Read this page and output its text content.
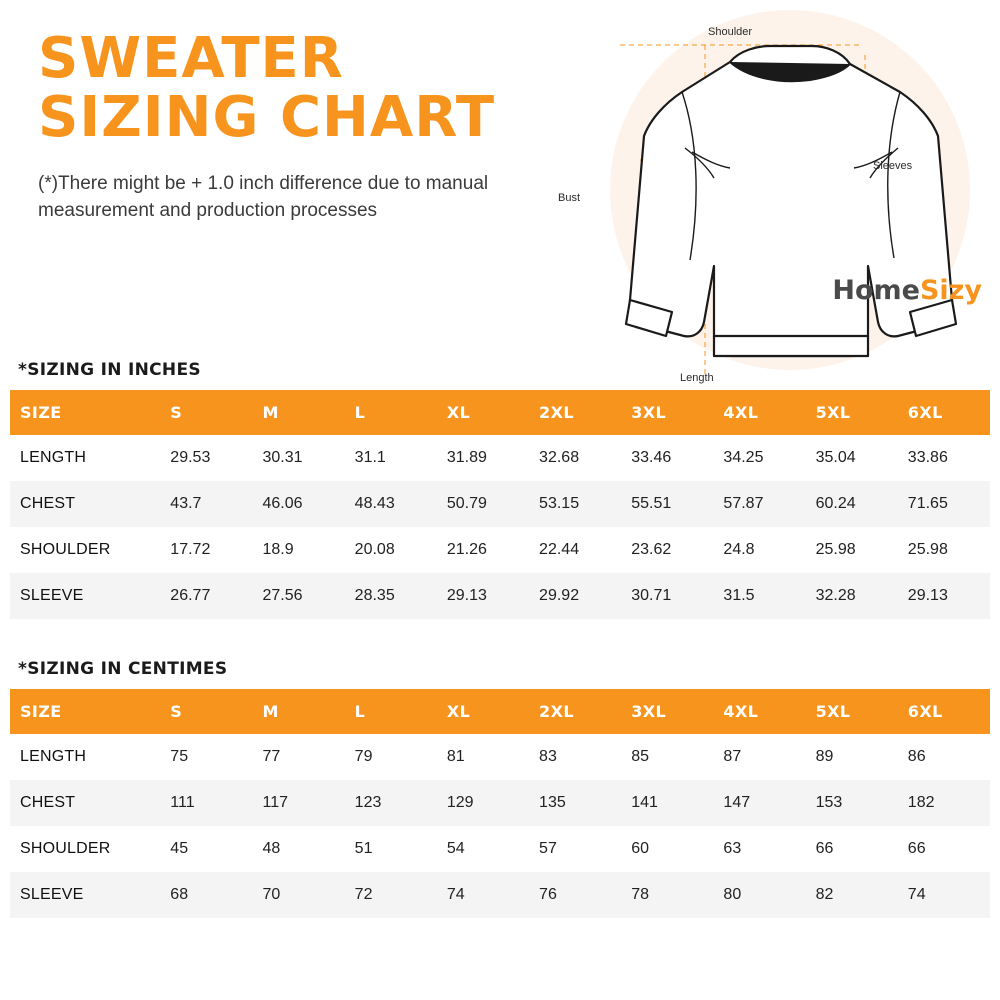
SWEATER
SIZING CHART
(*)There might be + 1.0 inch difference due to manual measurement and production processes
Shoulder
Sleeves
Bust
Length
HomeSizy
*SIZING IN INCHES
SIZE	S	M	L	XL	2XL	3XL	4XL	5XL	6XL
LENGTH	29.53	30.31	31.1	31.89	32.68	33.46	34.25	35.04	33.86
CHEST	43.7	46.06	48.43	50.79	53.15	55.51	57.87	60.24	71.65
SHOULDER	17.72	18.9	20.08	21.26	22.44	23.62	24.8	25.98	25.98
SLEEVE	26.77	27.56	28.35	29.13	29.92	30.71	31.5	32.28	29.13
*SIZING IN CENTIMES
SIZE	S	M	L	XL	2XL	3XL	4XL	5XL	6XL
LENGTH	75	77	79	81	83	85	87	89	86
CHEST	111	117	123	129	135	141	147	153	182
SHOULDER	45	48	51	54	57	60	63	66	66
SLEEVE	68	70	72	74	76	78	80	82	74
